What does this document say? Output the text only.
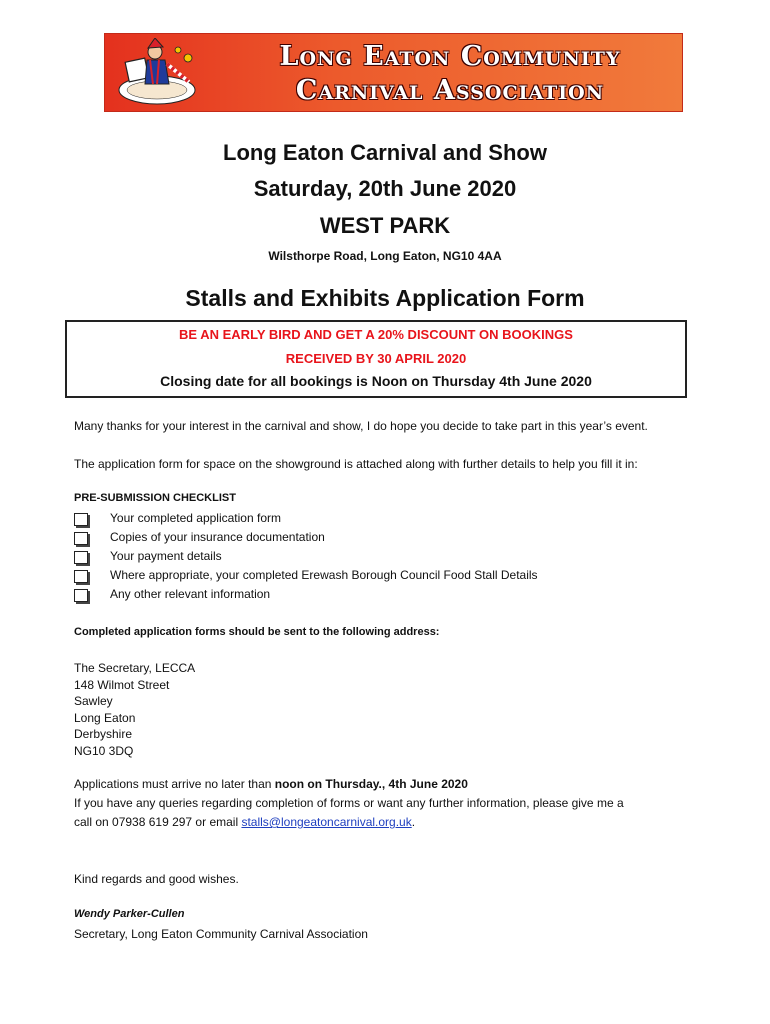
Long Eaton Community
Carnival Association
Long Eaton Carnival and Show
Saturday, 20th June 2020
WEST PARK
Wilsthorpe Road, Long Eaton, NG10 4AA
Stalls and Exhibits Application Form
BE AN EARLY BIRD AND GET A 20% DISCOUNT ON BOOKINGS
RECEIVED BY 30 APRIL 2020
Closing date for all bookings is Noon on Thursday 4th June 2020
Many thanks for your interest in the carnival and show, I do hope you decide to take part in this year’s event.
The application form for space on the showground is attached along with further details to help you fill it in:
PRE-SUBMISSION CHECKLIST
Your completed application form
Copies of your insurance documentation
Your payment details
Where appropriate, your completed Erewash Borough Council Food Stall Details
Any other relevant information
Completed application forms should be sent to the following address:
The Secretary, LECCA
148 Wilmot Street
Sawley
Long Eaton
Derbyshire
NG10 3DQ
Applications must arrive no later than noon on Thursday., 4th June 2020
If you have any queries regarding completion of forms or want any further information, please give me a
call on 07938 619 297 or email stalls@longeatoncarnival.org.uk.
Kind regards and good wishes.
Wendy Parker-Cullen
Secretary, Long Eaton Community Carnival Association
